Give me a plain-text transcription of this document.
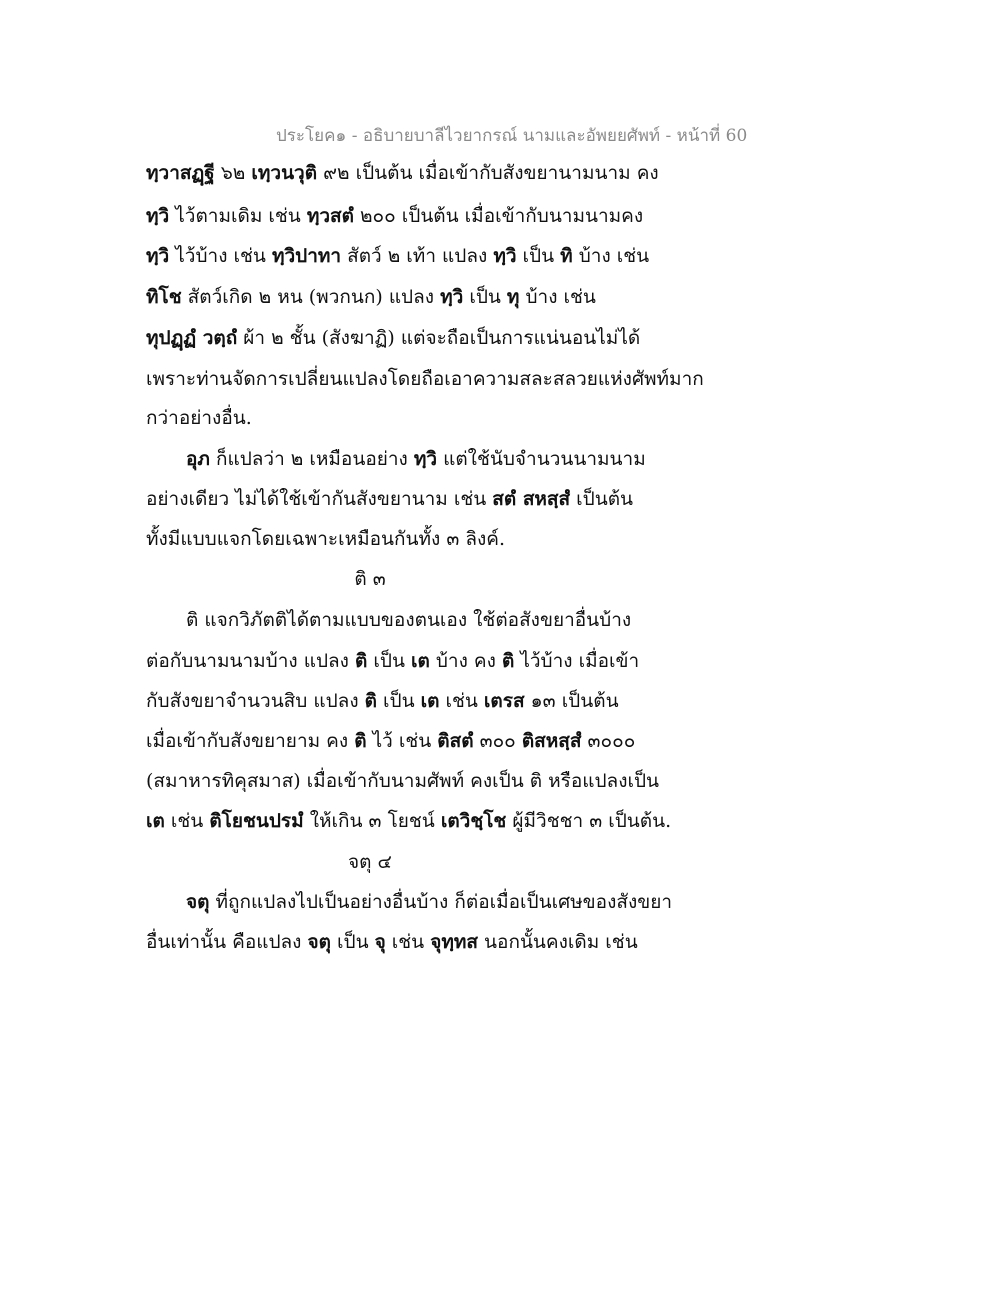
ประโยค๑ - อธิบายบาลีไวยากรณ์ นามและอัพยยศัพท์ - หน้าที่ 60
ทฺวาสฏฺฐี ๖๒ เทฺวนวุติ ๙๒ เป็นต้น เมื่อเข้ากับสังขยานามนาม คง
ทฺวิ ไว้ตามเดิม เช่น ทฺวสตํ ๒๐๐ เป็นต้น เมื่อเข้ากับนามนามคง
ทฺวิ ไว้บ้าง เช่น ทฺวิปาทา สัตว์ ๒ เท้า แปลง ทฺวิ เป็น ทิ บ้าง เช่น
ทิโช สัตว์เกิด ๒ หน (พวกนก) แปลง ทฺวิ เป็น ทุ บ้าง เช่น
ทุปฏฺฏํ วตฺถํ ผ้า ๒ ชั้น (สังฆาฏิ) แต่จะถือเป็นการแน่นอนไม่ได้
เพราะท่านจัดการเปลี่ยนแปลงโดยถือเอาความสละสลวยแห่งศัพท์มาก
กว่าอย่างอื่น.
อุภ ก็แปลว่า ๒ เหมือนอย่าง ทฺวิ แต่ใช้นับจำนวนนามนาม
อย่างเดียว ไม่ได้ใช้เข้ากันสังขยานาม เช่น สตํ สหสฺสํ เป็นต้น
ทั้งมีแบบแจกโดยเฉพาะเหมือนกันทั้ง ๓ ลิงค์.
ติ ๓
ติ แจกวิภัตติได้ตามแบบของตนเอง ใช้ต่อสังขยาอื่นบ้าง
ต่อกับนามนามบ้าง แปลง ติ เป็น เต บ้าง คง ติ ไว้บ้าง เมื่อเข้า
กับสังขยาจำนวนสิบ แปลง ติ เป็น เต เช่น เตรส ๑๓ เป็นต้น
เมื่อเข้ากับสังขยายาม คง ติ ไว้ เช่น ติสตํ ๓๐๐ ติสหสฺสํ ๓๐๐๐
(สมาหารทิคุสมาส) เมื่อเข้ากับนามศัพท์ คงเป็น ติ หรือแปลงเป็น
เต เช่น ติโยชนปรมํ ให้เกิน ๓ โยชน์ เตวิชฺโช ผู้มีวิชชา ๓ เป็นต้น.
จตุ ๔
จตุ ที่ถูกแปลงไปเป็นอย่างอื่นบ้าง ก็ต่อเมื่อเป็นเศษของสังขยา
อื่นเท่านั้น คือแปลง จตุ เป็น จุ เช่น จุทฺทส นอกนั้นคงเดิม เช่น
